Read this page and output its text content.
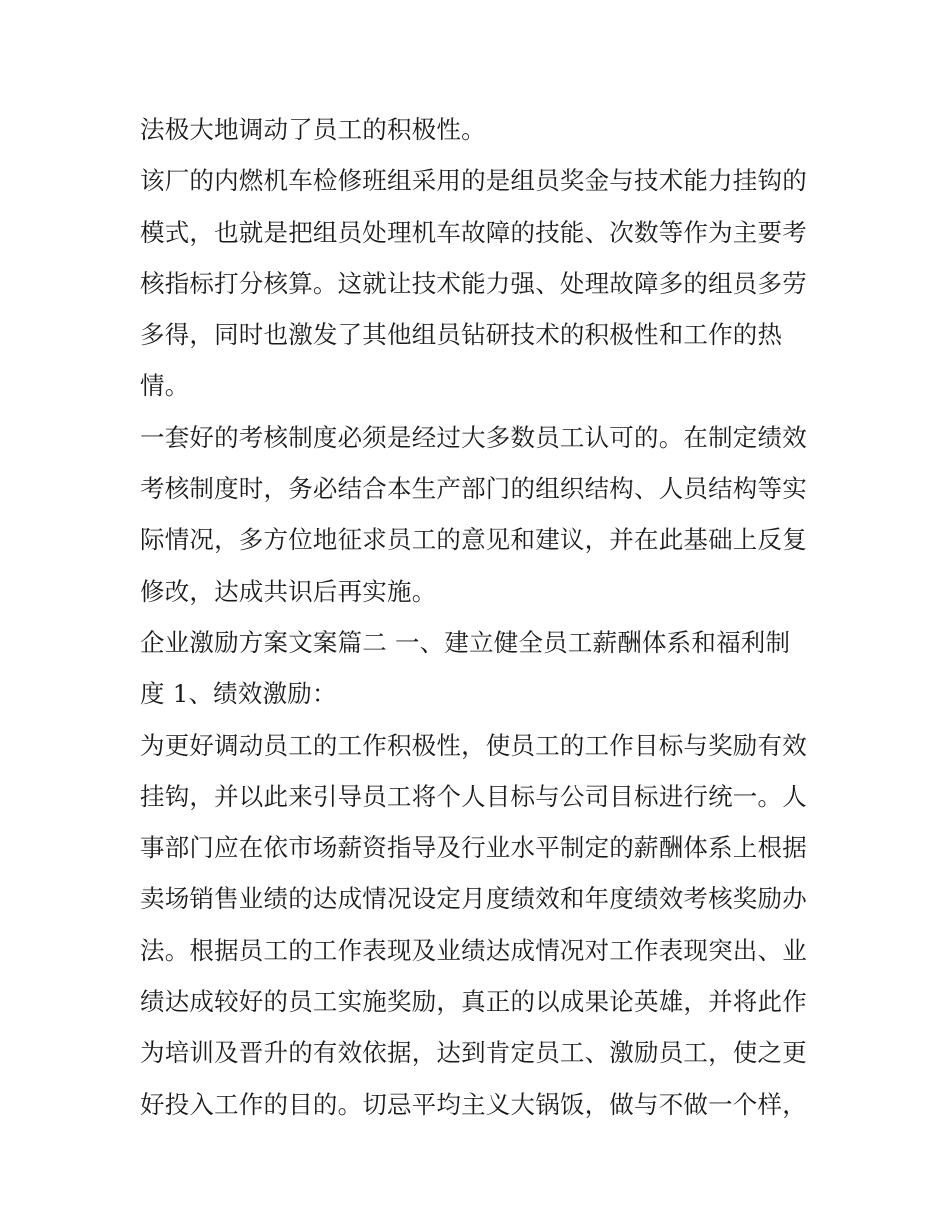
法极大地调动了员工的积极性。
该厂的内燃机车检修班组采用的是组员奖金与技术能力挂钩的
模式，也就是把组员处理机车故障的技能、次数等作为主要考
核指标打分核算。这就让技术能力强、处理故障多的组员多劳
多得，同时也激发了其他组员钻研技术的积极性和工作的热
情。
一套好的考核制度必须是经过大多数员工认可的。在制定绩效
考核制度时，务必结合本生产部门的组织结构、人员结构等实
际情况，多方位地征求员工的意见和建议，并在此基础上反复
修改，达成共识后再实施。
企业激励方案文案篇二 一、建立健全员工薪酬体系和福利制
度 1、绩效激励：
为更好调动员工的工作积极性，使员工的工作目标与奖励有效
挂钩，并以此来引导员工将个人目标与公司目标进行统一。人
事部门应在依市场薪资指导及行业水平制定的薪酬体系上根据
卖场销售业绩的达成情况设定月度绩效和年度绩效考核奖励办
法。根据员工的工作表现及业绩达成情况对工作表现突出、业
绩达成较好的员工实施奖励，真正的以成果论英雄，并将此作
为培训及晋升的有效依据，达到肯定员工、激励员工，使之更
好投入工作的目的。切忌平均主义大锅饭，做与不做一个样，
